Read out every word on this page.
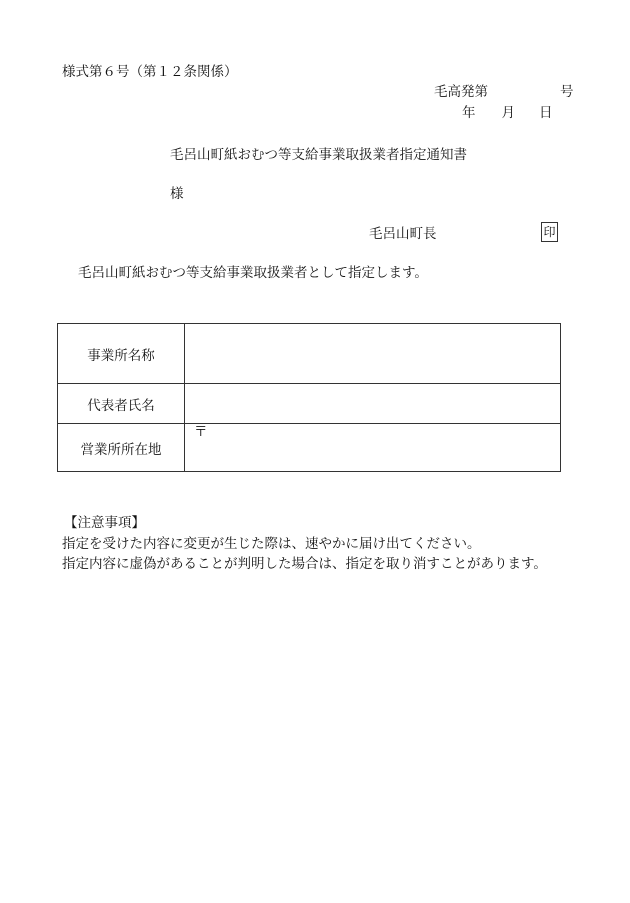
様式第６号（第１２条関係）
毛高発第	号
年 月 日
毛呂山町紙おむつ等支給事業取扱業者指定通知書
様
毛呂山町長	印
毛呂山町紙おむつ等支給事業取扱業者として指定します。
事業所名称	
代表者氏名	
営業所所在地	〒
【注意事項】
指定を受けた内容に変更が生じた際は、速やかに届け出てください。
指定内容に虚偽があることが判明した場合は、指定を取り消すことがあります。
